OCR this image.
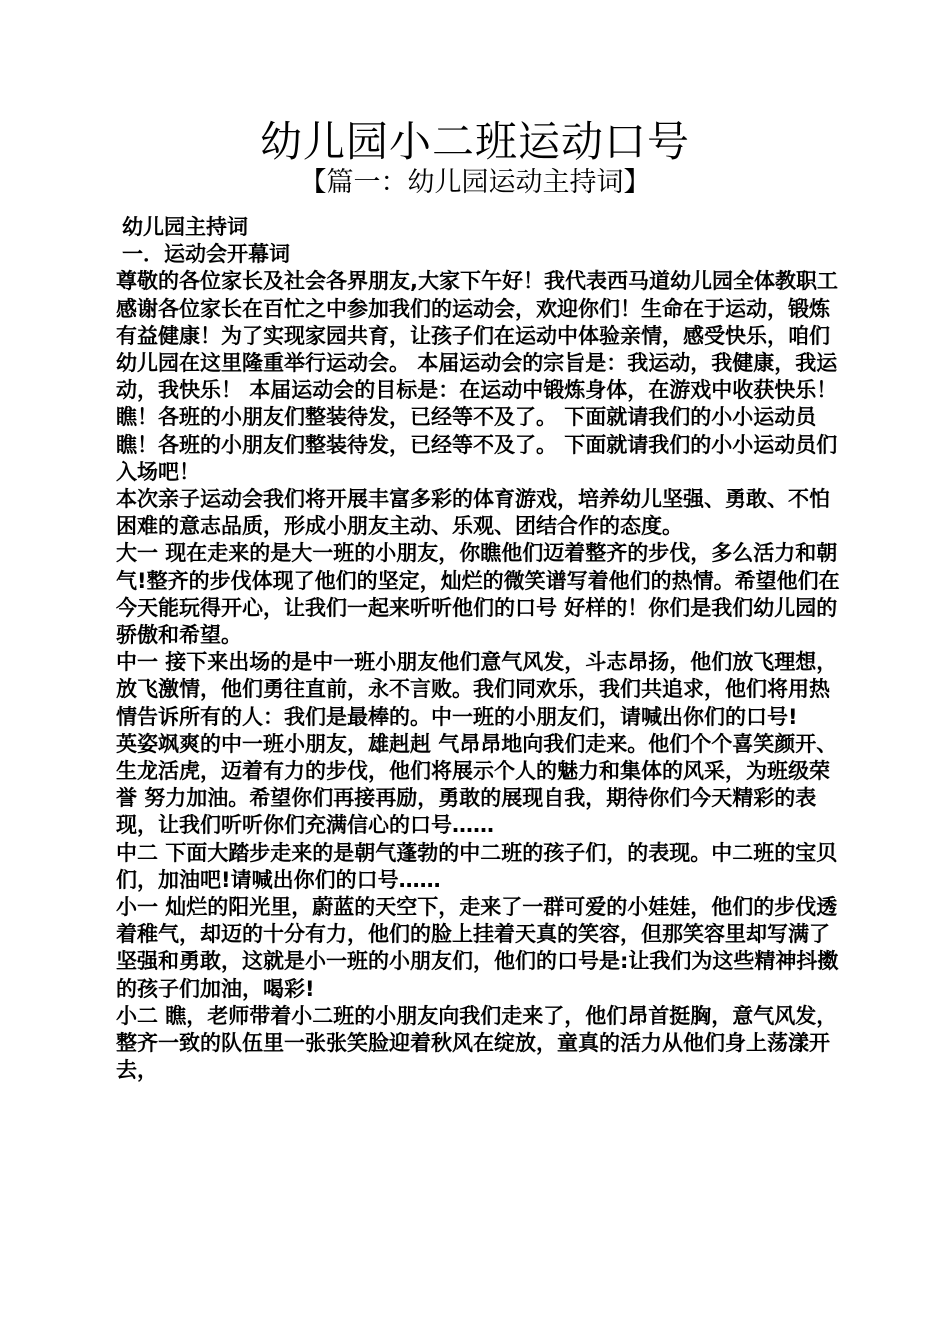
幼儿园小二班运动口号
【篇一：幼儿园运动主持词】

幼儿园主持词

一．运动会开幕词

尊敬的各位家长及社会各界朋友,大家下午好！我代表西马道幼儿园全体教职工感谢各位家长在百忙之中参加我们的运动会，欢迎你们！生命在于运动，锻炼有益健康！为了实现家园共育，让孩子们在运动中体验亲情，感受快乐，咱们幼儿园在这里隆重举行运动会。 本届运动会的宗旨是：我运动，我健康，我运动，我快乐！ 本届运动会的目标是：在运动中锻炼身体，在游戏中收获快乐！瞧！各班的小朋友们整装待发，已经等不及了。 下面就请我们的小小运动员瞧！各班的小朋友们整装待发，已经等不及了。 下面就请我们的小小运动员们入场吧！

本次亲子运动会我们将开展丰富多彩的体育游戏，培养幼儿坚强、勇敢、不怕困难的意志品质，形成小朋友主动、乐观、团结合作的态度。

大一 现在走来的是大一班的小朋友，你瞧他们迈着整齐的步伐，多么活力和朝气!整齐的步伐体现了他们的坚定，灿烂的微笑谱写着他们的热情。希望他们在今天能玩得开心，让我们一起来听听他们的口号 好样的！你们是我们幼儿园的骄傲和希望。

中一 接下来出场的是中一班小朋友他们意气风发，斗志昂扬，他们放飞理想，放飞激情，他们勇往直前，永不言败。我们同欢乐，我们共追求，他们将用热情告诉所有的人：我们是最棒的。中一班的小朋友们，请喊出你们的口号!

英姿飒爽的中一班小朋友，雄赳赳 气昂昂地向我们走来。他们个个喜笑颜开、生龙活虎，迈着有力的步伐，他们将展示个人的魅力和集体的风采，为班级荣誉 努力加油。希望你们再接再励，勇敢的展现自我，期待你们今天精彩的表现，让我们听听你们充满信心的口号……

中二 下面大踏步走来的是朝气蓬勃的中二班的孩子们，的表现。中二班的宝贝们，加油吧!请喊出你们的口号……

小一 灿烂的阳光里，蔚蓝的天空下，走来了一群可爱的小娃娃，他们的步伐透着稚气，却迈的十分有力，他们的脸上挂着天真的笑容，但那笑容里却写满了坚强和勇敢，这就是小一班的小朋友们，他们的口号是:让我们为这些精神抖擞的孩子们加油，喝彩!

小二 瞧，老师带着小二班的小朋友向我们走来了，他们昂首挺胸，意气风发，整齐一致的队伍里一张张笑脸迎着秋风在绽放，童真的活力从他们身上荡漾开去，
